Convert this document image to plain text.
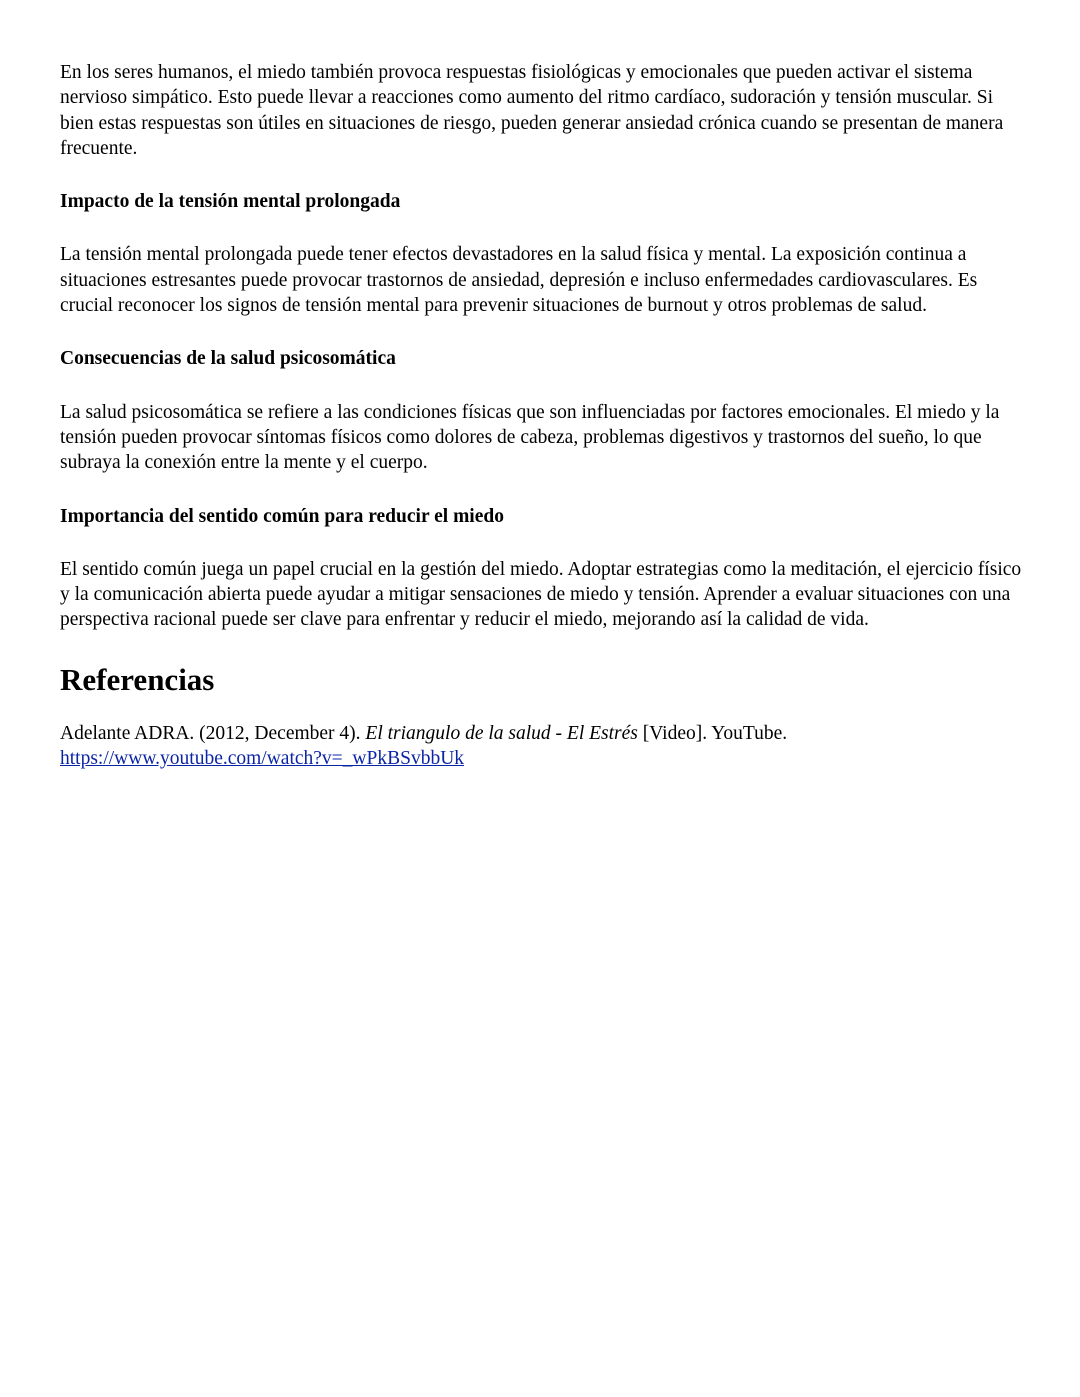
En los seres humanos, el miedo también provoca respuestas fisiológicas y emocionales que pueden activar el sistema nervioso simpático. Esto puede llevar a reacciones como aumento del ritmo cardíaco, sudoración y tensión muscular. Si bien estas respuestas son útiles en situaciones de riesgo, pueden generar ansiedad crónica cuando se presentan de manera frecuente.

Impacto de la tensión mental prolongada

La tensión mental prolongada puede tener efectos devastadores en la salud física y mental. La exposición continua a situaciones estresantes puede provocar trastornos de ansiedad, depresión e incluso enfermedades cardiovasculares. Es crucial reconocer los signos de tensión mental para prevenir situaciones de burnout y otros problemas de salud.

Consecuencias de la salud psicosomática

La salud psicosomática se refiere a las condiciones físicas que son influenciadas por factores emocionales. El miedo y la tensión pueden provocar síntomas físicos como dolores de cabeza, problemas digestivos y trastornos del sueño, lo que subraya la conexión entre la mente y el cuerpo.

Importancia del sentido común para reducir el miedo

El sentido común juega un papel crucial en la gestión del miedo. Adoptar estrategias como la meditación, el ejercicio físico y la comunicación abierta puede ayudar a mitigar sensaciones de miedo y tensión. Aprender a evaluar situaciones con una perspectiva racional puede ser clave para enfrentar y reducir el miedo, mejorando así la calidad de vida.

Referencias

Adelante ADRA. (2012, December 4). El triangulo de la salud - El Estrés [Video]. YouTube.
https://www.youtube.com/watch?v=_wPkBSvbbUk
